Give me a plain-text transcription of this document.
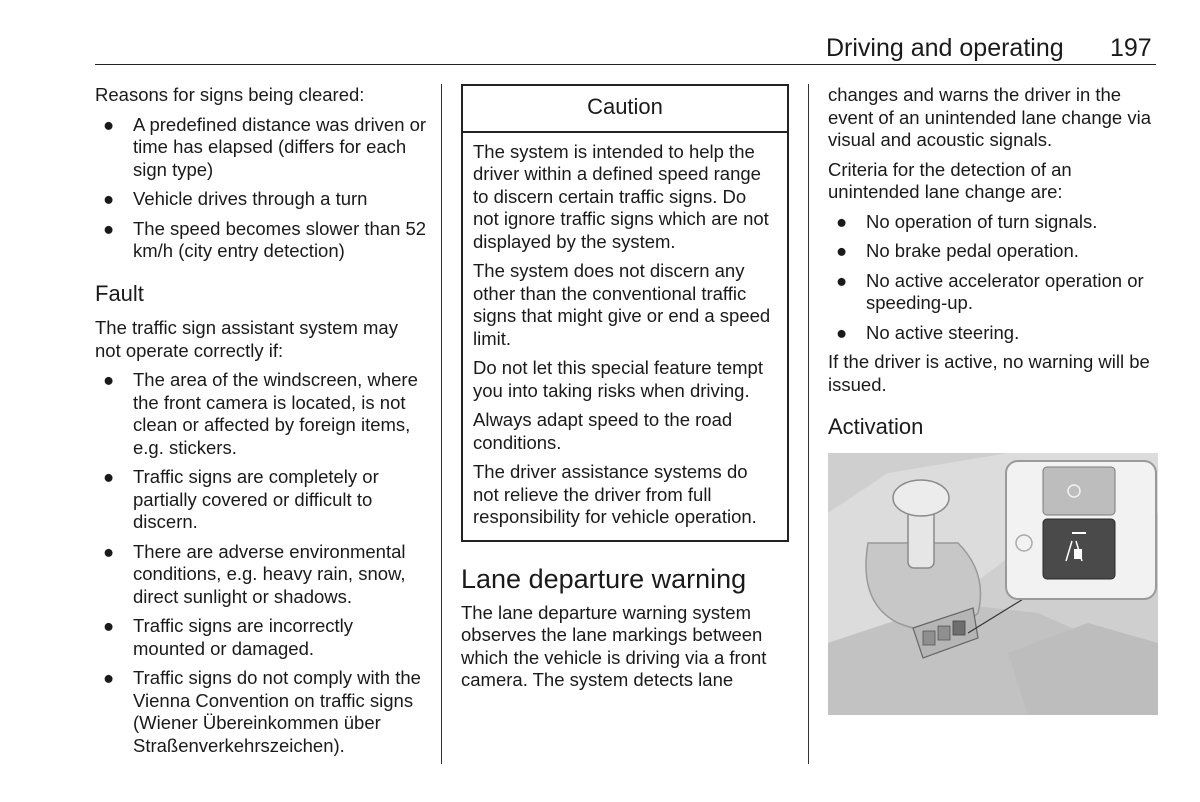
Driving and operating 197

Reasons for signs being cleared:

● A predefined distance was driven or time has elapsed (differs for each sign type)
● Vehicle drives through a turn
● The speed becomes slower than 52 km/h (city entry detection)
Fault

The traffic sign assistant system may not operate correctly if:

● The area of the windscreen, where the front camera is located, is not clean or affected by foreign items, e.g. stickers.
● Traffic signs are completely or partially covered or difficult to discern.
● There are adverse environmental conditions, e.g. heavy rain, snow, direct sunlight or shadows.
● Traffic signs are incorrectly mounted or damaged.
● Traffic signs do not comply with the Vienna Convention on traffic signs (Wiener Übereinkommen über Straßenverkehrszeichen).
Caution

The system is intended to help the driver within a defined speed range to discern certain traffic signs. Do not ignore traffic signs which are not displayed by the system.

The system does not discern any other than the conventional traffic signs that might give or end a speed limit.

Do not let this special feature tempt you into taking risks when driving.

Always adapt speed to the road conditions.

The driver assistance systems do not relieve the driver from full responsibility for vehicle operation.

Lane departure warning

The lane departure warning system observes the lane markings between which the vehicle is driving via a front camera. The system detects lane

changes and warns the driver in the event of an unintended lane change via visual and acoustic signals.

Criteria for the detection of an unintended lane change are:

● No operation of turn signals.
● No brake pedal operation.
● No active accelerator operation or speeding-up.
● No active steering.

If the driver is active, no warning will be issued.

Activation
